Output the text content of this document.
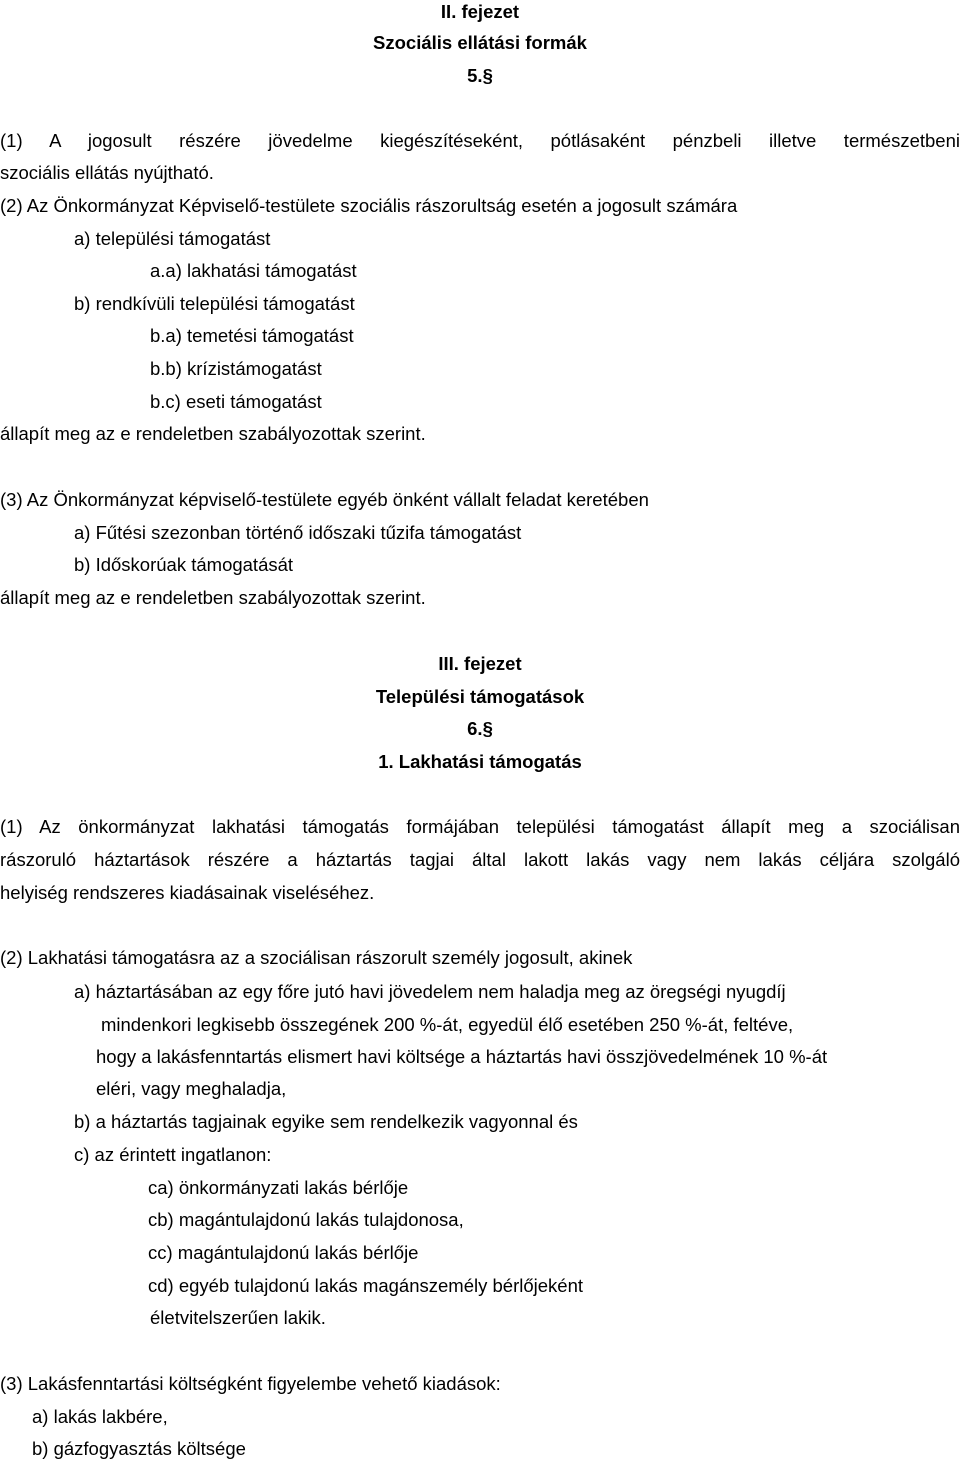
II. fejezet
Szociális ellátási formák
5.§
(1) A jogosult részére jövedelme kiegészítéseként, pótlásaként pénzbeli illetve természetbeni
szociális ellátás nyújtható.
(2) Az Önkormányzat Képviselő-testülete szociális rászorultság esetén a jogosult számára
a) települési támogatást
a.a) lakhatási támogatást
b) rendkívüli települési támogatást
b.a) temetési támogatást
b.b) krízistámogatást
b.c) eseti támogatást
állapít meg az e rendeletben szabályozottak szerint.
(3) Az Önkormányzat képviselő-testülete egyéb önként vállalt feladat keretében
a) Fűtési szezonban történő időszaki tűzifa támogatást
b) Időskorúak támogatását
állapít meg az e rendeletben szabályozottak szerint.
III. fejezet
Települési támogatások
6.§
1. Lakhatási támogatás
(1) Az önkormányzat lakhatási támogatás formájában települési támogatást állapít meg a szociálisan
rászoruló háztartások részére a háztartás tagjai által lakott lakás vagy nem lakás céljára szolgáló
helyiség rendszeres kiadásainak viseléséhez.
(2) Lakhatási támogatásra az a szociálisan rászorult személy jogosult, akinek
a) háztartásában az egy főre jutó havi jövedelem nem haladja meg az öregségi nyugdíj
mindenkori legkisebb összegének 200 %-át, egyedül élő esetében 250 %-át, feltéve,
hogy a lakásfenntartás elismert havi költsége a háztartás havi összjövedelmének 10 %-át
eléri, vagy meghaladja,
b) a háztartás tagjainak egyike sem rendelkezik vagyonnal és
c) az érintett ingatlanon:
ca) önkormányzati lakás bérlője
cb) magántulajdonú lakás tulajdonosa,
cc) magántulajdonú lakás bérlője
cd) egyéb tulajdonú lakás magánszemély bérlőjeként
életvitelszerűen lakik.
(3) Lakásfenntartási költségként figyelembe vehető kiadások:
a) lakás lakbére,
b) gázfogyasztás költsége
